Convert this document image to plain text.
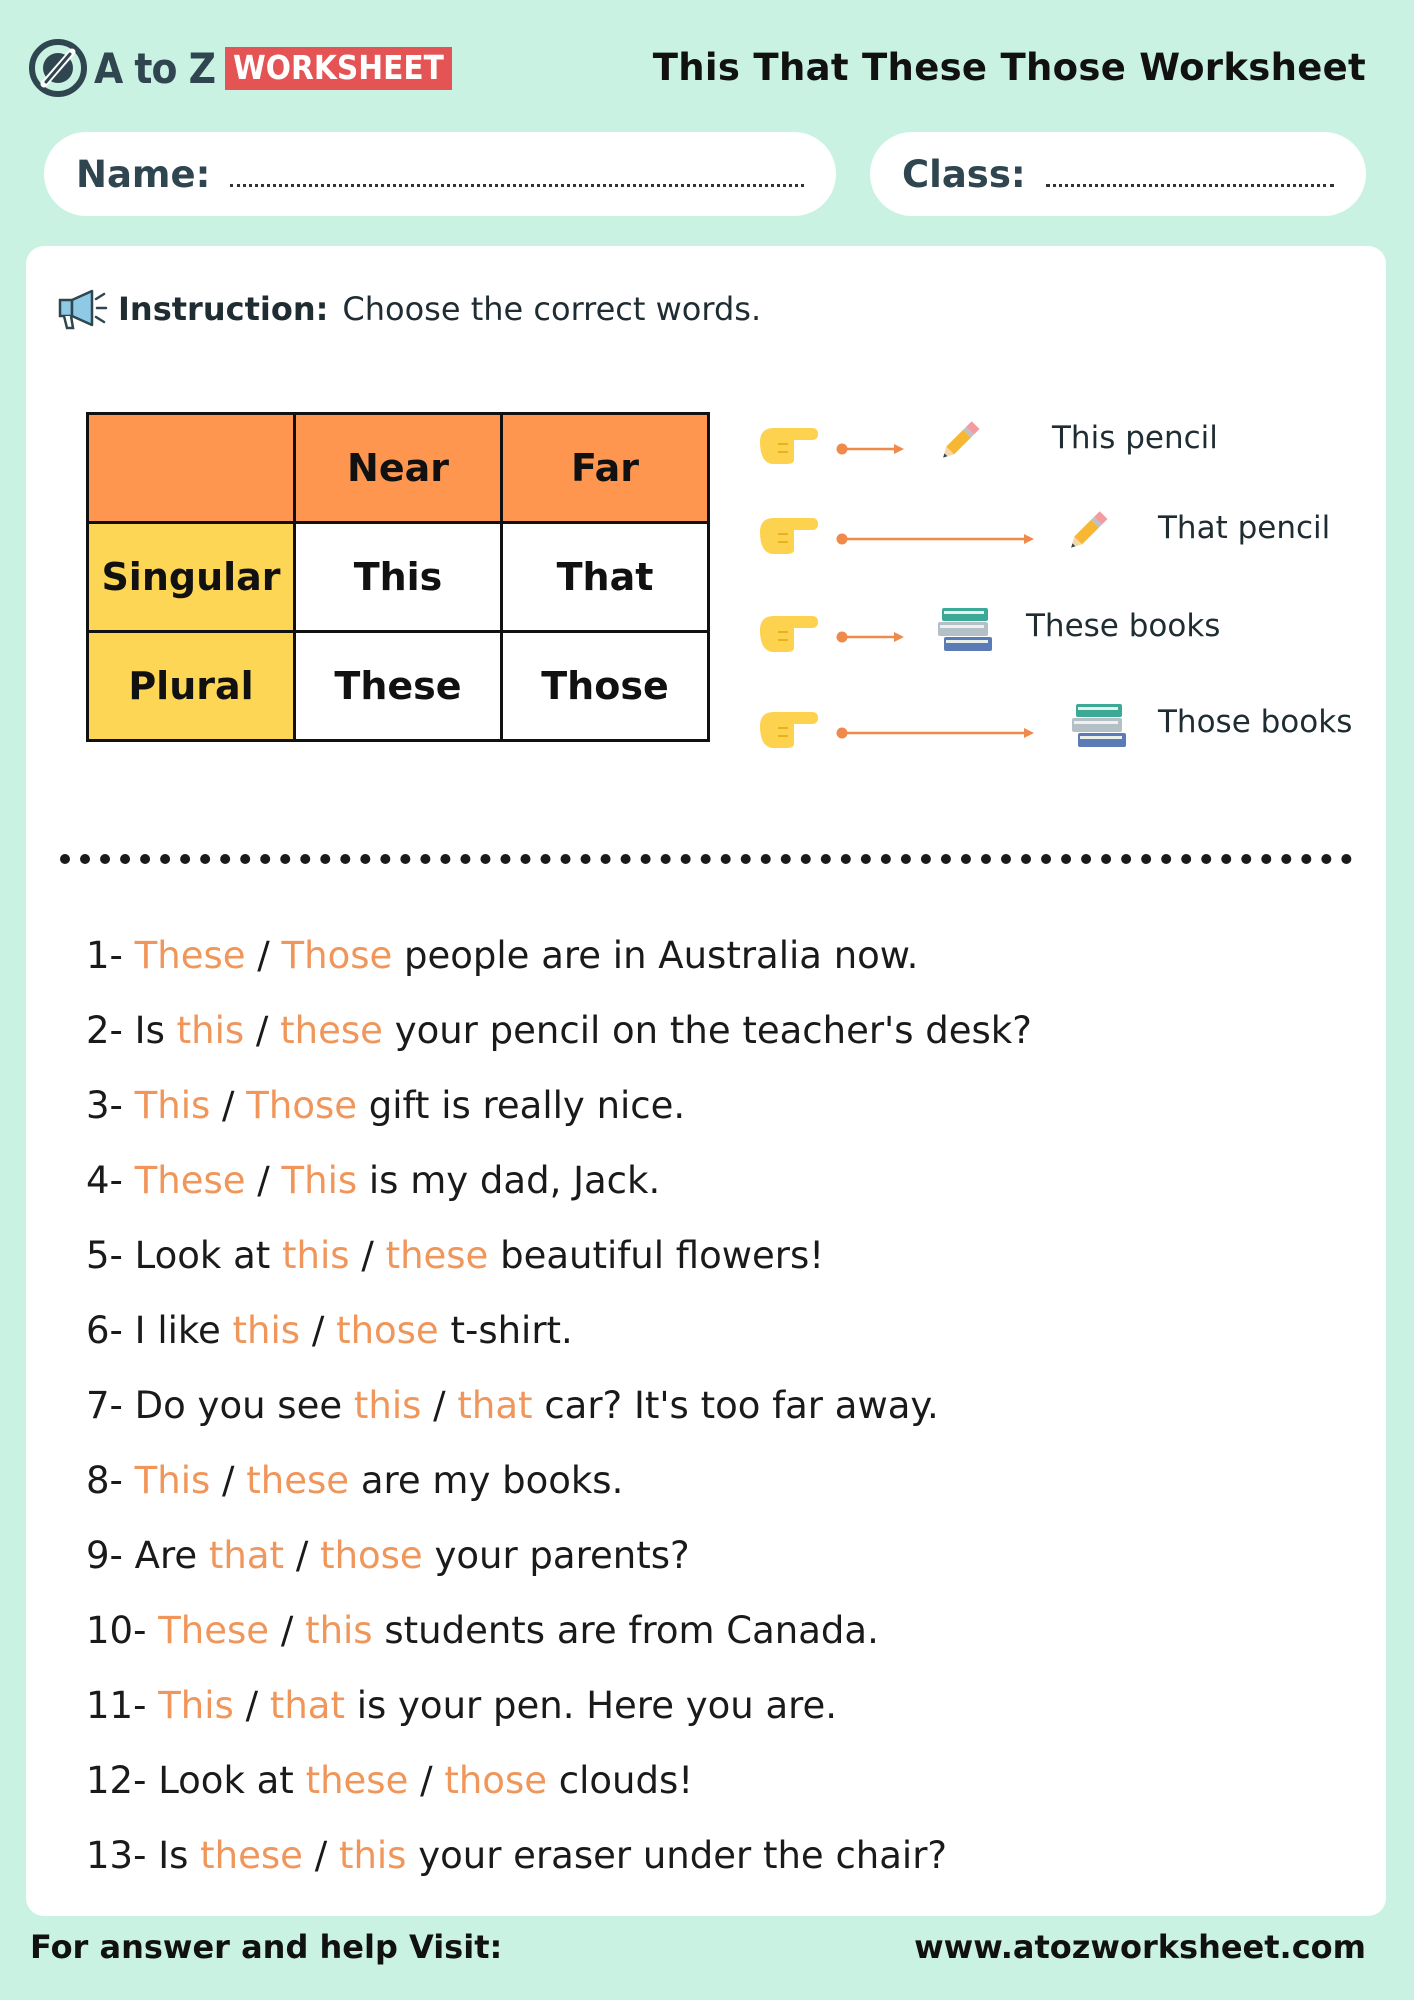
A to Z WORKSHEET	This That These Those Worksheet
Name:	Class:
Instruction: Choose the correct words.
	Near	Far
Singular	This	That
Plural	These	Those
This pencil
That pencil
These books
Those books
1- These / Those people are in Australia now.
2- Is this / these your pencil on the teacher's desk?
3- This / Those gift is really nice.
4- These / This is my dad, Jack.
5- Look at this / these beautiful flowers!
6- I like this / those t-shirt.
7- Do you see this / that car? It's too far away.
8- This / these are my books.
9- Are that / those your parents?
10- These / this students are from Canada.
11- This / that is your pen. Here you are.
12- Look at these / those clouds!
13- Is these / this your eraser under the chair?
For answer and help Visit:	www.atozworksheet.com
